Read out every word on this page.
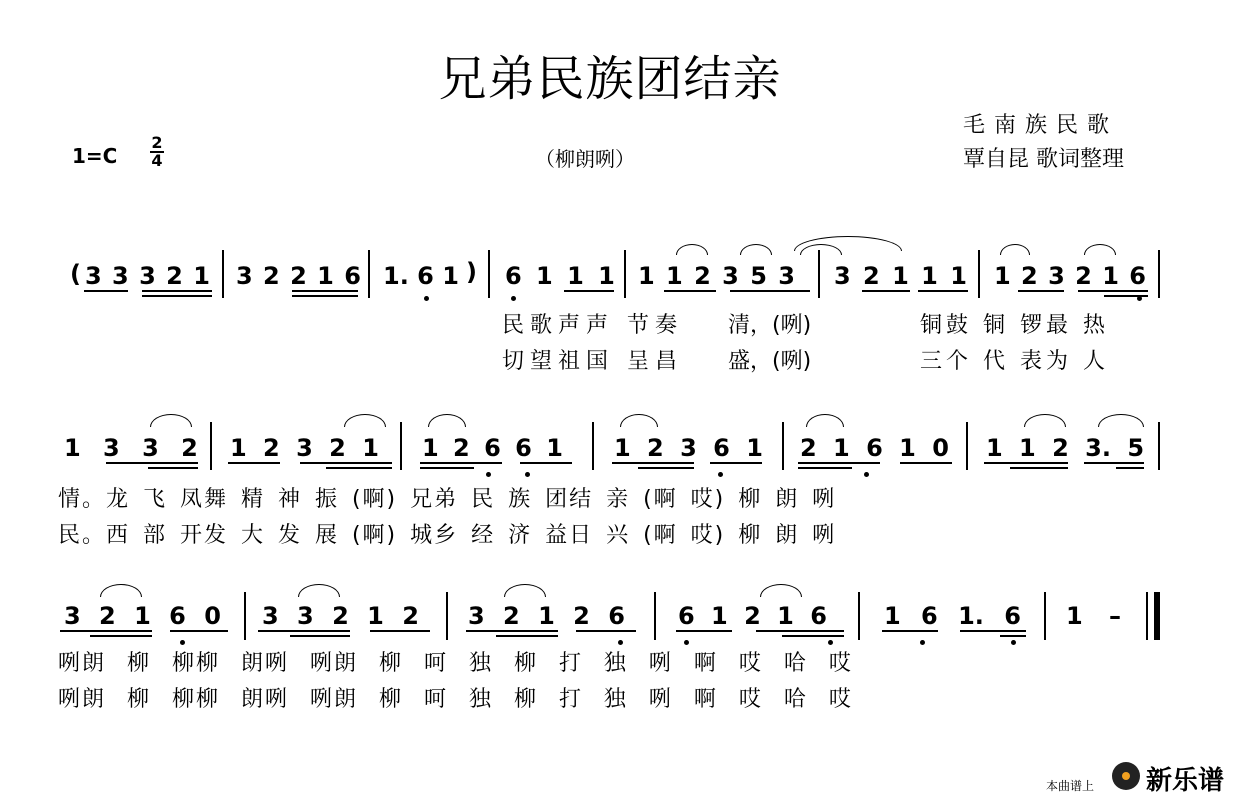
兄弟民族团结亲
毛南族民歌
覃自昆 歌词整理
1=C
2
4	（柳朗咧）
( 3 3 3 2 1 3 2 2 1 6 1. 6 1 ) 6 1 1 1 1 1 2 3 5 3 3 2 1 1 1 1 2 3 2 1 6
民歌声声 节奏 清，(咧)	铜鼓 铜 锣最 热
切望祖国 呈昌 盛，(咧)	三个 代 表为 人
1 3 3 2 1 2 3 2 1 1 2 6 6 1 1 2 3 6 1 2 1 6 1 0 1 1 2 3. 5
情。龙 飞 凤舞 精 神 振 (啊) 兄弟 民 族 团结 亲 (啊 哎) 柳 朗 咧
民。西 部 开发 大 发 展 (啊) 城乡 经 济 益日 兴 (啊 哎) 柳 朗 咧
3 2 1 6 0 3 3 2 1 2 3 2 1 2 6 6 1 2 1 6 1 6 1. 6 1 –
咧朗 柳 柳柳 朗咧 咧朗 柳 呵 独 柳 打 独 咧 啊 哎 哈 哎
咧朗 柳 柳柳 朗咧 咧朗 柳 呵 独 柳 打 独 咧 啊 哎 哈 哎
本曲谱上 新乐谱
